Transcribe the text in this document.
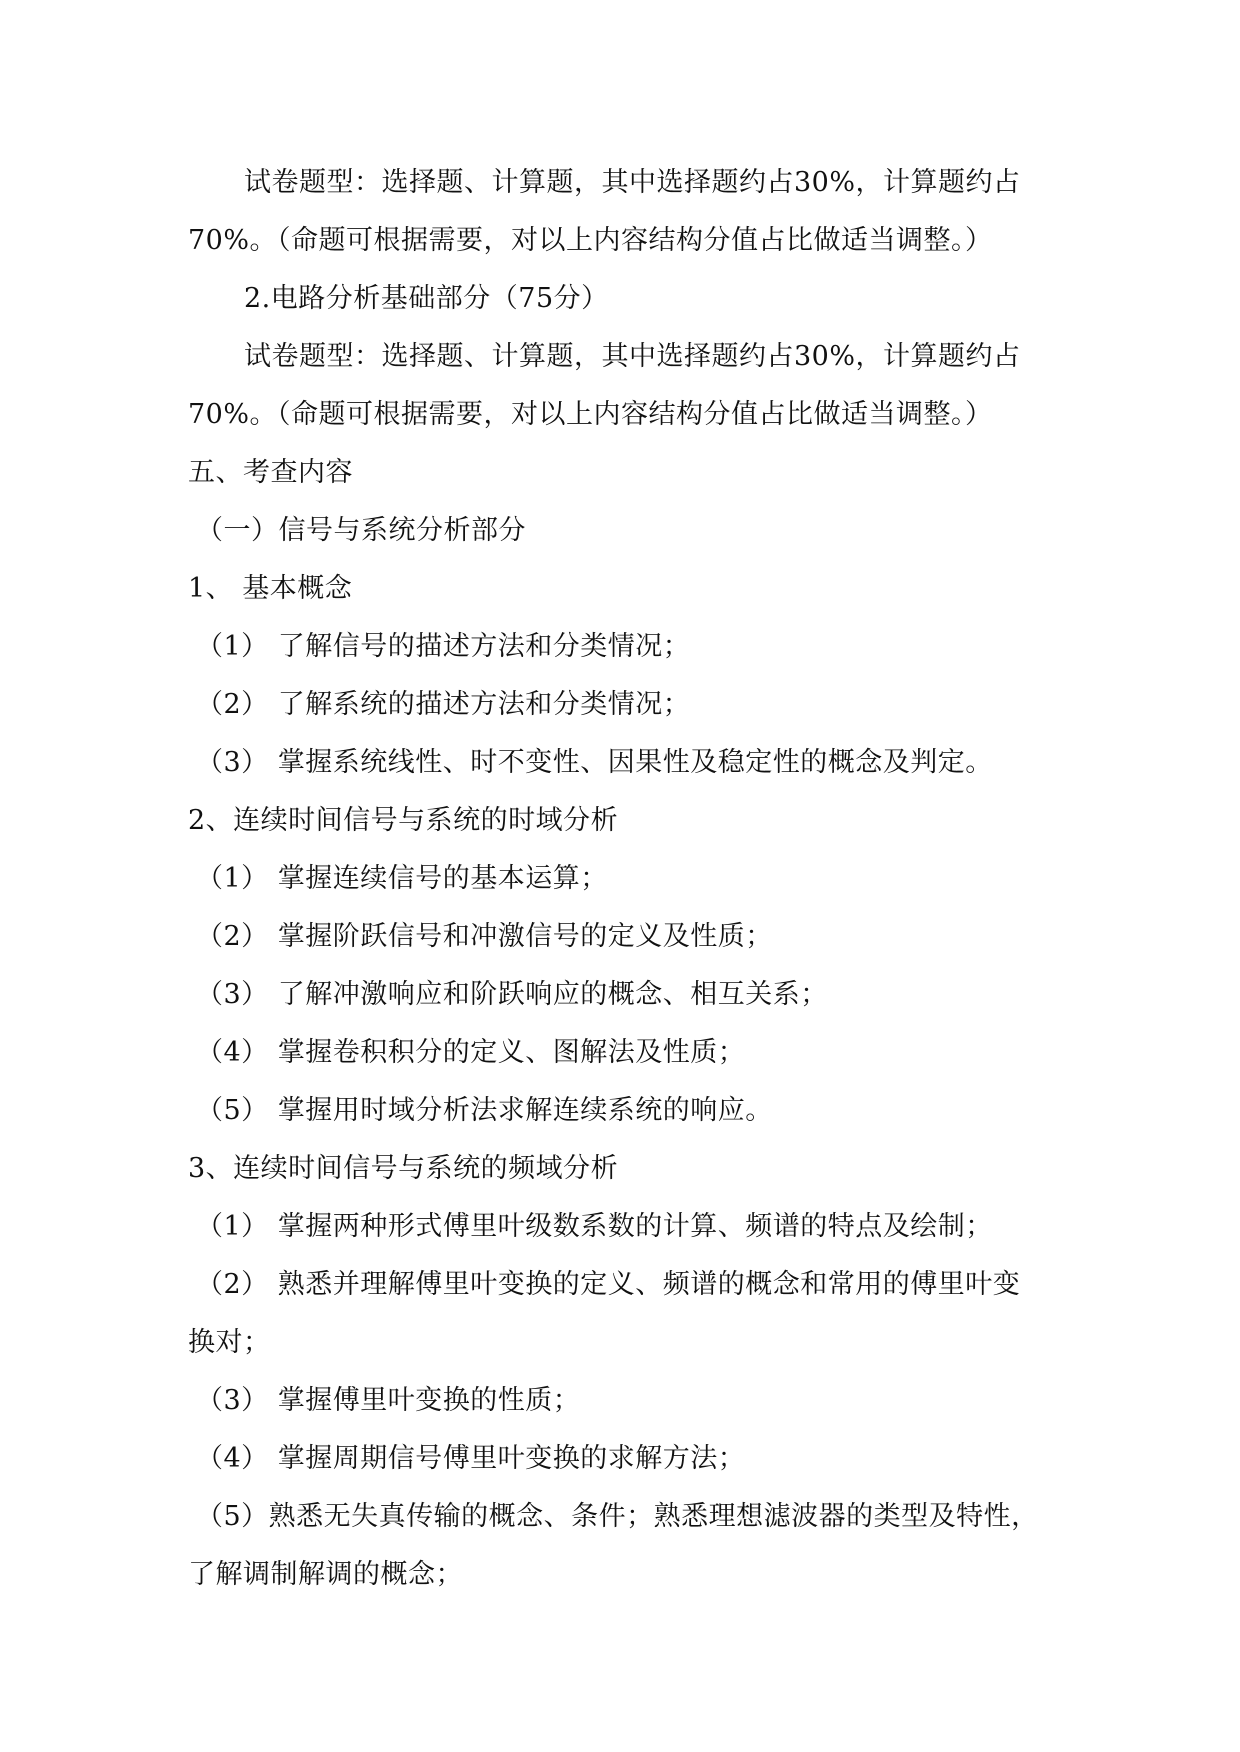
试卷题型：选择题、计算题，其中选择题约占30%，计算题约占
70%。（命题可根据需要，对以上内容结构分值占比做适当调整。）
2.电路分析基础部分（75分）
试卷题型：选择题、计算题，其中选择题约占30%，计算题约占
70%。（命题可根据需要，对以上内容结构分值占比做适当调整。）
五、考查内容
（一）信号与系统分析部分
1、 基本概念
（1） 了解信号的描述方法和分类情况；
（2） 了解系统的描述方法和分类情况；
（3） 掌握系统线性、时不变性、因果性及稳定性的概念及判定。
2、连续时间信号与系统的时域分析
（1） 掌握连续信号的基本运算；
（2） 掌握阶跃信号和冲激信号的定义及性质；
（3） 了解冲激响应和阶跃响应的概念、相互关系；
（4） 掌握卷积积分的定义、图解法及性质；
（5） 掌握用时域分析法求解连续系统的响应。
3、连续时间信号与系统的频域分析
（1） 掌握两种形式傅里叶级数系数的计算、频谱的特点及绘制；
（2） 熟悉并理解傅里叶变换的定义、频谱的概念和常用的傅里叶变
换对；
（3） 掌握傅里叶变换的性质；
（4） 掌握周期信号傅里叶变换的求解方法；
（5）熟悉无失真传输的概念、条件；熟悉理想滤波器的类型及特性，
了解调制解调的概念；
